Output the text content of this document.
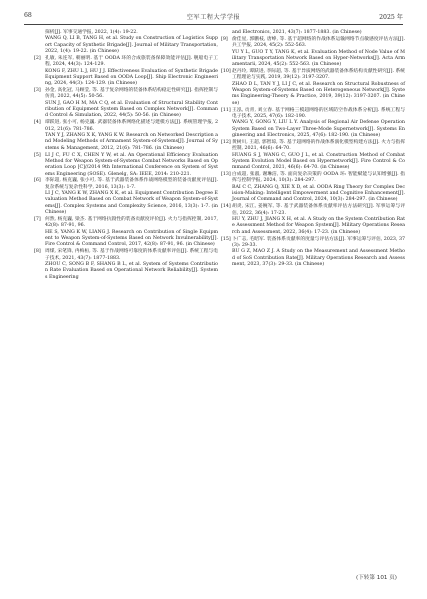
68	空军工程大学学报	2025 年

探析[J]. 军事交通学报, 2022, 1(4): 19-22.

WANG Q, LI B, TANG H, et al. Study on Construction of Logistics Support Capacity of Synthetic Brigade[J]. Journal of Military Transportation, 2022, 1(4): 19-22. (in Chinese)

[2] 孔敏, 朱连军, 朝丽明. 基于 OODA 环的合成旅装备保障效能评估[J]. 舰船电子工程, 2024, 44(3): 124-129.

KONG F, ZHU L J, HU J J. Effectiveness Evaluation of Synthetic Brigade Equipment Support Based on OODA Loop[J]. Ship Electronic Engineering, 2024, 44(3): 124-129. (in Chinese)

[3] 孙金, 高化冠, 马顾莹, 等. 基于复杂网络的装备体系结构稳定性研究[J]. 指挥控制与仿真, 2022, 44(5): 50-56.

SUN J, GAO H M, MA C Q, et al. Evaluation of Structural Stability Contribution of Equipment System Based on Complex Network[J]. Command Control & Simulation, 2022, 44(5): 50-56. (in Chinese)

[4] 谭跃进, 张小可, 杨克巍. 武器装备体系网络化描述与建模方法[J]. 系统管理学报, 2012, 21(6): 781-786.

TAN Y J, ZHANG X K, YANG K W. Research on Networked Description and Modeling Methods of Armament System-of-Systems[J]. Journal of Systems & Management, 2012, 21(6): 781-786. (in Chinese)

[5] LI J C, FU C X, CHEN Y W, et al. An Operational Efficiency Evaluation Method for Weapon System-of-Systems Combat Networks Based on Operation Loop [C]//2014 9th International Conference on System of Systems Engineering (SOSE). Glenelg, SA: IEEE, 2014: 210-221.

[6] 李际超, 杨克巍, 张小可, 等. 基于武器装备体系作战网络模型的装备贡献度评估[J]. 复杂系统与复杂性科学, 2016, 13(3): 1-7.

LI J C, YANG K W, ZHANG X K, et al. Equipment Contribution Degree Evaluation Method Based on Combat Network of Weapon System-of-Systems[J]. Complex Systems and Complexity Science, 2016, 13(3): 1-7. (in Chinese)

[7] 何然, 杨克巍, 梁杰. 基于网络抗毁性的装备贡献度评价[J]. 火力与指挥控制, 2017, 42(8): 87-91, 96.

HE S, YANG K W, LIANG J. Research on Contribution of Single Equipment to Weapon System-of-Systems Based on Network Invulnerability[J]. Fire Control & Command Control, 2017, 42(8): 87-91, 96. (in Chinese)

[8] 周煤, 宋笔锋, 冉梅桓, 等. 基于作战网络可靠度的体系贡献率评估[J]. 系统工程与电子技术, 2021, 43(7): 1877-1883.

ZHOU C, SONG B F, SHANG B L, et al. System of Systems Contribution Rate Evaluation Based on Operational Network Reliability[J]. Systems Engineering

and Electronics, 2021, 43(7): 1877-1883. (in Chinese)

[9] 俞佳星, 郭鹏枝, 唐峥, 等. 基于超网络的作战体系运输网络节点敏感度评估方法[J]. 兵工学报, 2024, 45(2): 552-563.

YU Y L, GUO T Y, TANG K, et al. Evaluation Method of Node Value of Military Transportation Network Based on Hyper-Networks[J]. Acta Armamentarii, 2024, 45(2): 552-563. (in Chinese)

[10] 赵丹玲, 谭跃进, 李际超, 等. 基于异质网络的武器装备体系结构贡献性研究[J]. 系统工程理论与实践, 2019, 39(12): 3197-3207.

ZHAO D L, TAN Y J, LI J C, et al. Research on Structural Robustness of Weapon System-of-Systems Based on Heterogeneous Network[J]. Systems Engineering-Theory & Practice, 2019, 39(12): 3197-3207. (in Chinese)

[11] 王泓, 贡青, 刘立春. 基于网格三模超网络的区域防空作战体系分析[J]. 系统工程与电子技术, 2025, 47(6): 182-190.

WANG Y, GONG Y, LIU L Y. Analysis of Regional Air Defense Operation System Based on Two-Layer Three-Mode Supernetwork[J]. Systems Engineering and Electronics, 2025, 47(6): 182-190. (in Chinese)

[12] 黄树川, 王超, 郭智琼, 等. 基于超网络的作战体系演化模型构建方法[J]. 火力与指挥控制, 2021, 46(6): 64-70.

HUANG S J, WANG C, GUO J L, et al. Construction Method of Combat System Evolution Model Based on Hypernetwork[J]. Fire Control & Command Control, 2021, 46(6): 64-70. (in Chinese)

[13] 白成超, 张淑, 谢琳洁, 等. 面向复杂决策的 OODA 环: 智能赋能与认知增强[J]. 指挥与控制学报, 2024, 10(3): 284-297.

BAI C C, ZHANG Q, XIE X D, et al. OODA Ring Theory for Complex Decision-Making: Intelligent Empowerment and Cognitive Enhancement[J]. Journal of Command and Control, 2024, 10(3): 284-297. (in Chinese)

[14] 胡炎, 宋江, 姜婉军, 等. 基于武器装备体系贡献率评估方法研究[J]. 军事运筹与评估, 2022, 36(4): 17-23.

HU Y, ZHU J, JIANG X H, et al. A Study on the System Contribution Rate Assessment Method for Weapon System[J]. Military Operations Research and Assessment, 2022, 36(4): 17-23. (in Chinese)

[15] 卜广志, 毛昭军. 装备体系贡献率的度量与评估方法[J]. 军事运筹与评估, 2023, 37(3): 29-33.

BU G Z, MAO Z J. A Study on the Measurement and Assessment Method of SoS Contribution Rate[J]. Military Operations Research and Assessment, 2023, 37(3): 29-33. (in Chinese)

(下转第 101 页)
